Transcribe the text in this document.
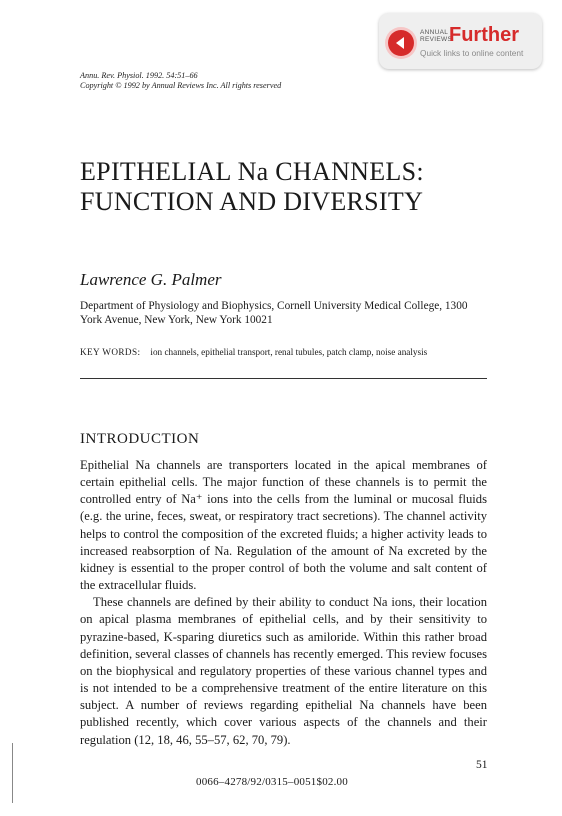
ANNUAL
REVIEWS
Further
Quick links to online content
Annu. Rev. Physiol. 1992. 54:51–66
Copyright © 1992 by Annual Reviews Inc. All rights reserved
EPITHELIAL Na CHANNELS:
FUNCTION AND DIVERSITY
Lawrence G. Palmer
Department of Physiology and Biophysics, Cornell University Medical College, 1300
York Avenue, New York, New York 10021
KEY WORDS: ion channels, epithelial transport, renal tubules, patch clamp, noise analysis
INTRODUCTION

Epithelial Na channels are transporters located in the apical membranes of certain epithelial cells. The major function of these channels is to permit the controlled entry of Na⁺ ions into the cells from the luminal or mucosal fluids (e.g. the urine, feces, sweat, or respiratory tract secretions). The channel activity helps to control the composition of the excreted fluids; a higher activity leads to increased reabsorption of Na. Regulation of the amount of Na excreted by the kidney is essential to the proper control of both the volume and salt content of the extracellular fluids.

These channels are defined by their ability to conduct Na ions, their location on apical plasma membranes of epithelial cells, and by their sensitivity to pyrazine-based, K-sparing diuretics such as amiloride. Within this rather broad definition, several classes of channels has recently emerged. This review focuses on the biophysical and regulatory properties of these various channel types and is not intended to be a comprehensive treatment of the entire literature on this subject. A number of reviews regarding epithelial Na channels have been published recently, which cover various aspects of the channels and their regulation (12, 18, 46, 55–57, 62, 70, 79).

51
0066–4278/92/0315–0051$02.00
